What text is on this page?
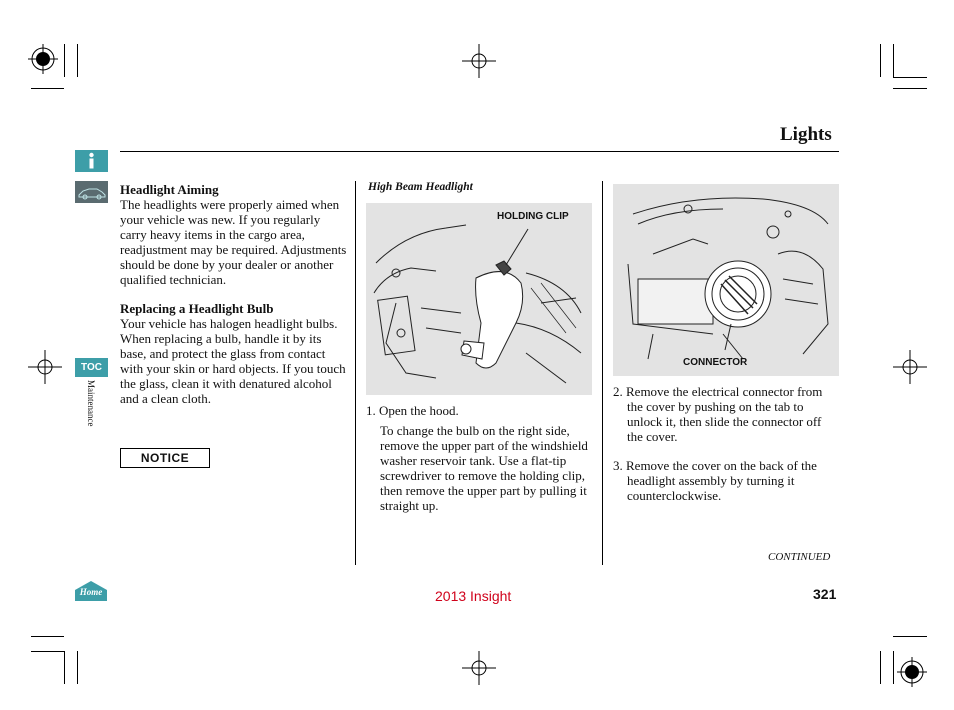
Lights
TOC
Maintenance
Home
Headlight Aiming
The headlights were properly aimed when your vehicle was new. If you regularly carry heavy items in the cargo area, readjustment may be required. Adjustments should be done by your dealer or another qualified technician.
Replacing a Headlight Bulb
Your vehicle has halogen headlight bulbs. When replacing a bulb, handle it by its base, and protect the glass from contact with your skin or hard objects. If you touch the glass, clean it with denatured alcohol and a clean cloth.
NOTICE
High Beam Headlight
HOLDING CLIP
1. Open the hood.
To change the bulb on the right side, remove the upper part of the windshield washer reservoir tank. Use a flat-tip screwdriver to remove the holding clip, then remove the upper part by pulling it straight up.
CONNECTOR
2. Remove the electrical connector from the cover by pushing on the tab to unlock it, then slide the connector off the cover.
3. Remove the cover on the back of the headlight assembly by turning it counterclockwise.
CONTINUED
2013 Insight	321
